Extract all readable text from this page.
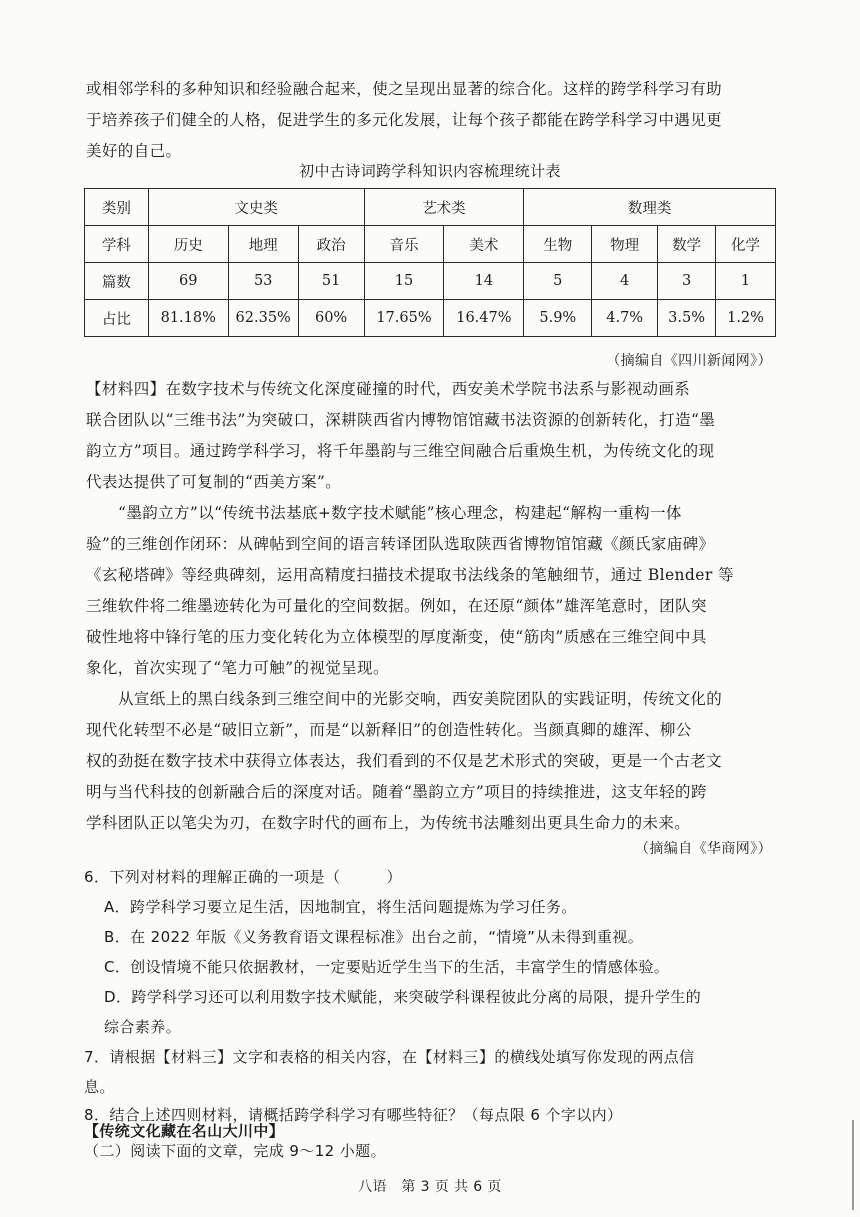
或相邻学科的多种知识和经验融合起来，使之呈现出显著的综合化。这样的跨学科学习有助
于培养孩子们健全的人格，促进学生的多元化发展，让每个孩子都能在跨学科学习中遇见更
美好的自己。
初中古诗词跨学科知识内容梳理统计表
类别	文史类			艺术类		数理类			
学科	历史	地理	政治	音乐	美术	生物	物理	数学	化学
篇数	69	53	51	15	14	5	4	3	1
占比	81.18%	62.35%	60%	17.65%	16.47%	5.9%	4.7%	3.5%	1.2%
（摘编自《四川新闻网》）
【材料四】在数字技术与传统文化深度碰撞的时代，西安美术学院书法系与影视动画系
联合团队以“三维书法”为突破口，深耕陕西省内博物馆馆藏书法资源的创新转化，打造“墨
韵立方”项目。通过跨学科学习，将千年墨韵与三维空间融合后重焕生机，为传统文化的现
代表达提供了可复制的“西美方案”。
“墨韵立方”以“传统书法基底+数字技术赋能”核心理念，构建起“解构一重构一体
验”的三维创作闭环：从碑帖到空间的语言转译团队选取陕西省博物馆馆藏《颜氏家庙碑》
《玄秘塔碑》等经典碑刻，运用高精度扫描技术提取书法线条的笔触细节，通过 Blender 等
三维软件将二维墨迹转化为可量化的空间数据。例如，在还原“颜体”雄浑笔意时，团队突
破性地将中锋行笔的压力变化转化为立体模型的厚度渐变，使“筋肉”质感在三维空间中具
象化，首次实现了“笔力可触”的视觉呈现。
从宣纸上的黑白线条到三维空间中的光影交响，西安美院团队的实践证明，传统文化的
现代化转型不必是“破旧立新”，而是“以新释旧”的创造性转化。当颜真卿的雄浑、柳公
权的劲挺在数字技术中获得立体表达，我们看到的不仅是艺术形式的突破，更是一个古老文
明与当代科技的创新融合后的深度对话。随着“墨韵立方”项目的持续推进，这支年轻的跨
学科团队正以笔尖为刃，在数字时代的画布上，为传统书法雕刻出更具生命力的未来。
（摘编自《华商网》）
6．下列对材料的理解正确的一项是（　　　）
A．跨学科学习要立足生活，因地制宜，将生活问题提炼为学习任务。
B．在 2022 年版《义务教育语文课程标准》出台之前，“情境”从未得到重视。
C．创设情境不能只依据教材，一定要贴近学生当下的生活，丰富学生的情感体验。
D．跨学科学习还可以利用数字技术赋能，来突破学科课程彼此分离的局限，提升学生的
综合素养。
7．请根据【材料三】文字和表格的相关内容，在【材料三】的横线处填写你发现的两点信
息。
8．结合上述四则材料，请概括跨学科学习有哪些特征？（每点限 6 个字以内）
【传统文化藏在名山大川中】
八语　第 3 页 共 6 页
（二）阅读下面的文章，完成 9～12 小题。
